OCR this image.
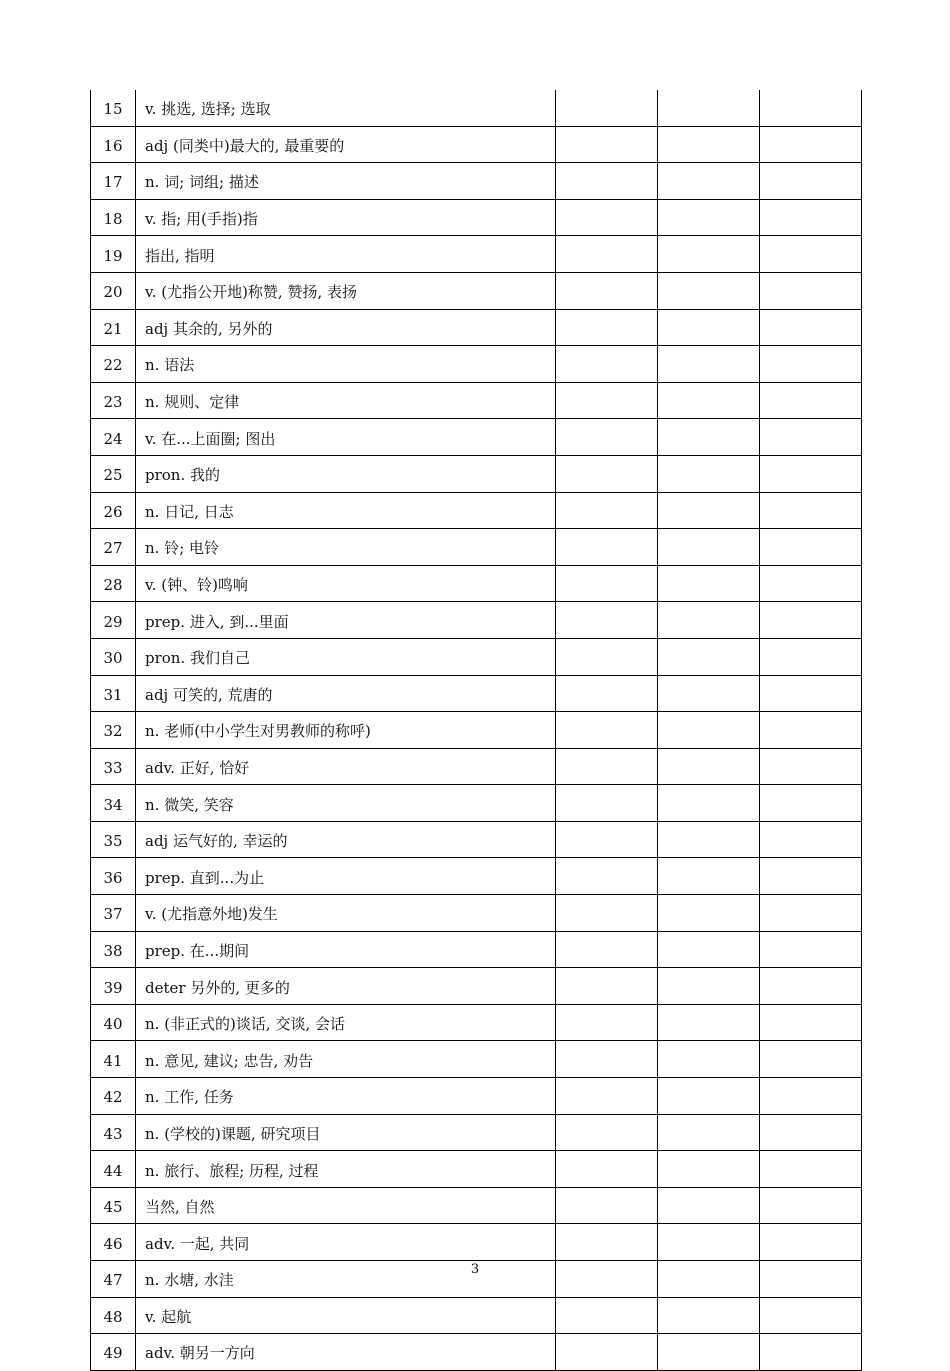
15	v. 挑选, 选择; 选取			
16	adj (同类中)最大的, 最重要的			
17	n. 词; 词组; 描述			
18	v. 指; 用(手指)指			
19	指出, 指明			
20	v. (尤指公开地)称赞, 赞扬, 表扬			
21	adj 其余的, 另外的			
22	n. 语法			
23	n. 规则、定律			
24	v. 在...上面圈; 图出			
25	pron. 我的			
26	n. 日记, 日志			
27	n. 铃; 电铃			
28	v. (钟、铃)鸣响			
29	prep. 进入, 到...里面			
30	pron. 我们自己			
31	adj 可笑的, 荒唐的			
32	n. 老师(中小学生对男教师的称呼)			
33	adv. 正好, 恰好			
34	n. 微笑, 笑容			
35	adj 运气好的, 幸运的			
36	prep. 直到...为止			
37	v. (尤指意外地)发生			
38	prep. 在...期间			
39	deter 另外的, 更多的			
40	n. (非正式的)谈话, 交谈, 会话			
41	n. 意见, 建议; 忠告, 劝告			
42	n. 工作, 任务			
43	n. (学校的)课题, 研究项目			
44	n. 旅行、旅程; 历程, 过程			
45	当然, 自然			
46	adv. 一起, 共同			
47	n. 水塘, 水洼			
48	v. 起航			
49	adv. 朝另一方向			
3
